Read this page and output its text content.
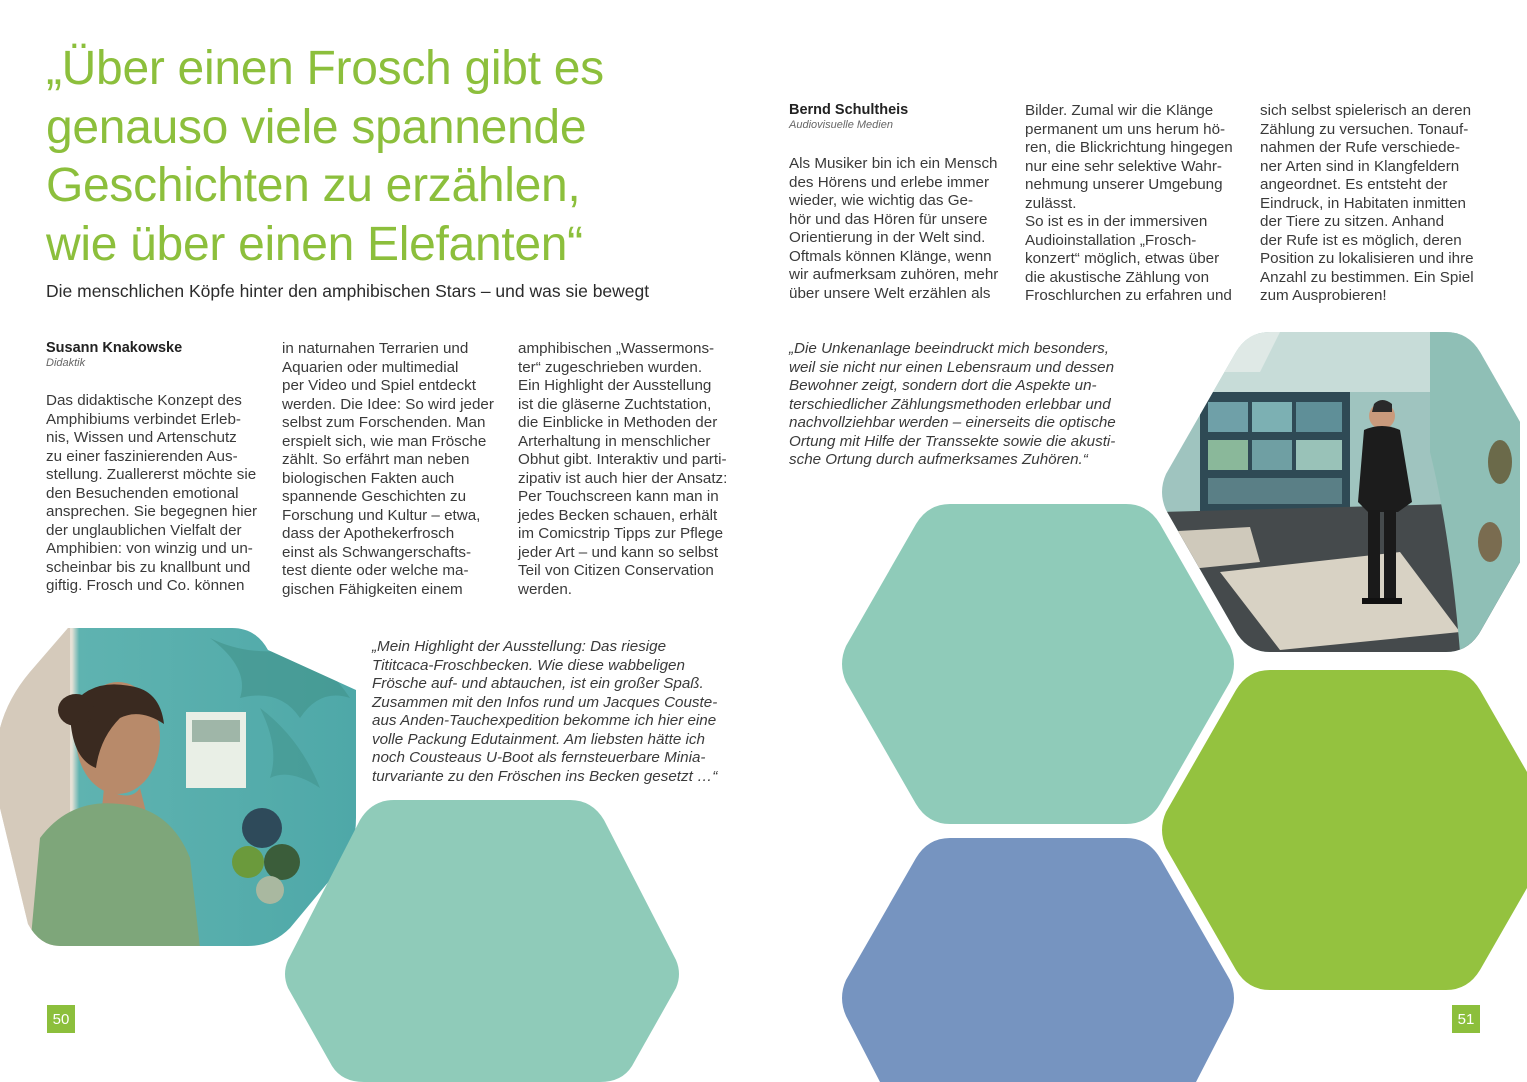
„Über einen Frosch gibt es
genauso viele spannende
Geschichten zu erzählen,
wie über einen Elefanten“
Die menschlichen Köpfe hinter den amphibischen Stars – und was sie bewegt
Susann Knakowske
Didaktik
Das didaktische Konzept des
Amphibiums verbindet Erleb-
nis, Wissen und Artenschutz
zu einer faszinierenden Aus-
stellung. Zuallererst möchte sie
den Besuchenden emotional
ansprechen. Sie begegnen hier
der unglaublichen Vielfalt der
Amphibien: von winzig und un-
scheinbar bis zu knallbunt und
giftig. Frosch und Co. können
in naturnahen Terrarien und
Aquarien oder multimedial
per Video und Spiel entdeckt
werden. Die Idee: So wird jeder
selbst zum Forschenden. Man
erspielt sich, wie man Frösche
zählt. So erfährt man neben
biologischen Fakten auch
spannende Geschichten zu
Forschung und Kultur – etwa,
dass der Apothekerfrosch
einst als Schwangerschafts-
test diente oder welche ma-
gischen Fähigkeiten einem
amphibischen „Wassermons-
ter“ zugeschrieben wurden.
Ein Highlight der Ausstellung
ist die gläserne Zuchtstation,
die Einblicke in Methoden der
Arterhaltung in menschlicher
Obhut gibt. Interaktiv und parti-
zipativ ist auch hier der Ansatz:
Per Touchscreen kann man in
jedes Becken schauen, erhält
im Comicstrip Tipps zur Pflege
jeder Art – und kann so selbst
Teil von Citizen Conservation
werden.
„Mein Highlight der Ausstellung: Das riesige
Tititcaca-Froschbecken. Wie diese wabbeligen
Frösche auf- und abtauchen, ist ein großer Spaß.
Zusammen mit den Infos rund um Jacques Couste-
aus Anden-Tauchexpedition bekomme ich hier eine
volle Packung Edutainment. Am liebsten hätte ich
noch Cousteaus U-Boot als fernsteuerbare Minia-
turvariante zu den Fröschen ins Becken gesetzt …“
50
Bernd Schultheis
Audiovisuelle Medien
Als Musiker bin ich ein Mensch
des Hörens und erlebe immer
wieder, wie wichtig das Ge-
hör und das Hören für unsere
Orientierung in der Welt sind.
Oftmals können Klänge, wenn
wir aufmerksam zuhören, mehr
über unsere Welt erzählen als
Bilder. Zumal wir die Klänge
permanent um uns herum hö-
ren, die Blickrichtung hingegen
nur eine sehr selektive Wahr-
nehmung unserer Umgebung
zulässt.
So ist es in der immersiven
Audioinstallation „Frosch-
konzert“ möglich, etwas über
die akustische Zählung von
Froschlurchen zu erfahren und
sich selbst spielerisch an deren
Zählung zu versuchen. Tonauf-
nahmen der Rufe verschiede-
ner Arten sind in Klangfeldern
angeordnet. Es entsteht der
Eindruck, in Habitaten inmitten
der Tiere zu sitzen. Anhand
der Rufe ist es möglich, deren
Position zu lokalisieren und ihre
Anzahl zu bestimmen. Ein Spiel
zum Ausprobieren!
„Die Unkenanlage beeindruckt mich besonders,
weil sie nicht nur einen Lebensraum und dessen
Bewohner zeigt, sondern dort die Aspekte un-
terschiedlicher Zählungsmethoden erlebbar und
nachvollziehbar werden – einerseits die optische
Ortung mit Hilfe der Transsekte sowie die akusti-
sche Ortung durch aufmerksames Zuhören.“
51
